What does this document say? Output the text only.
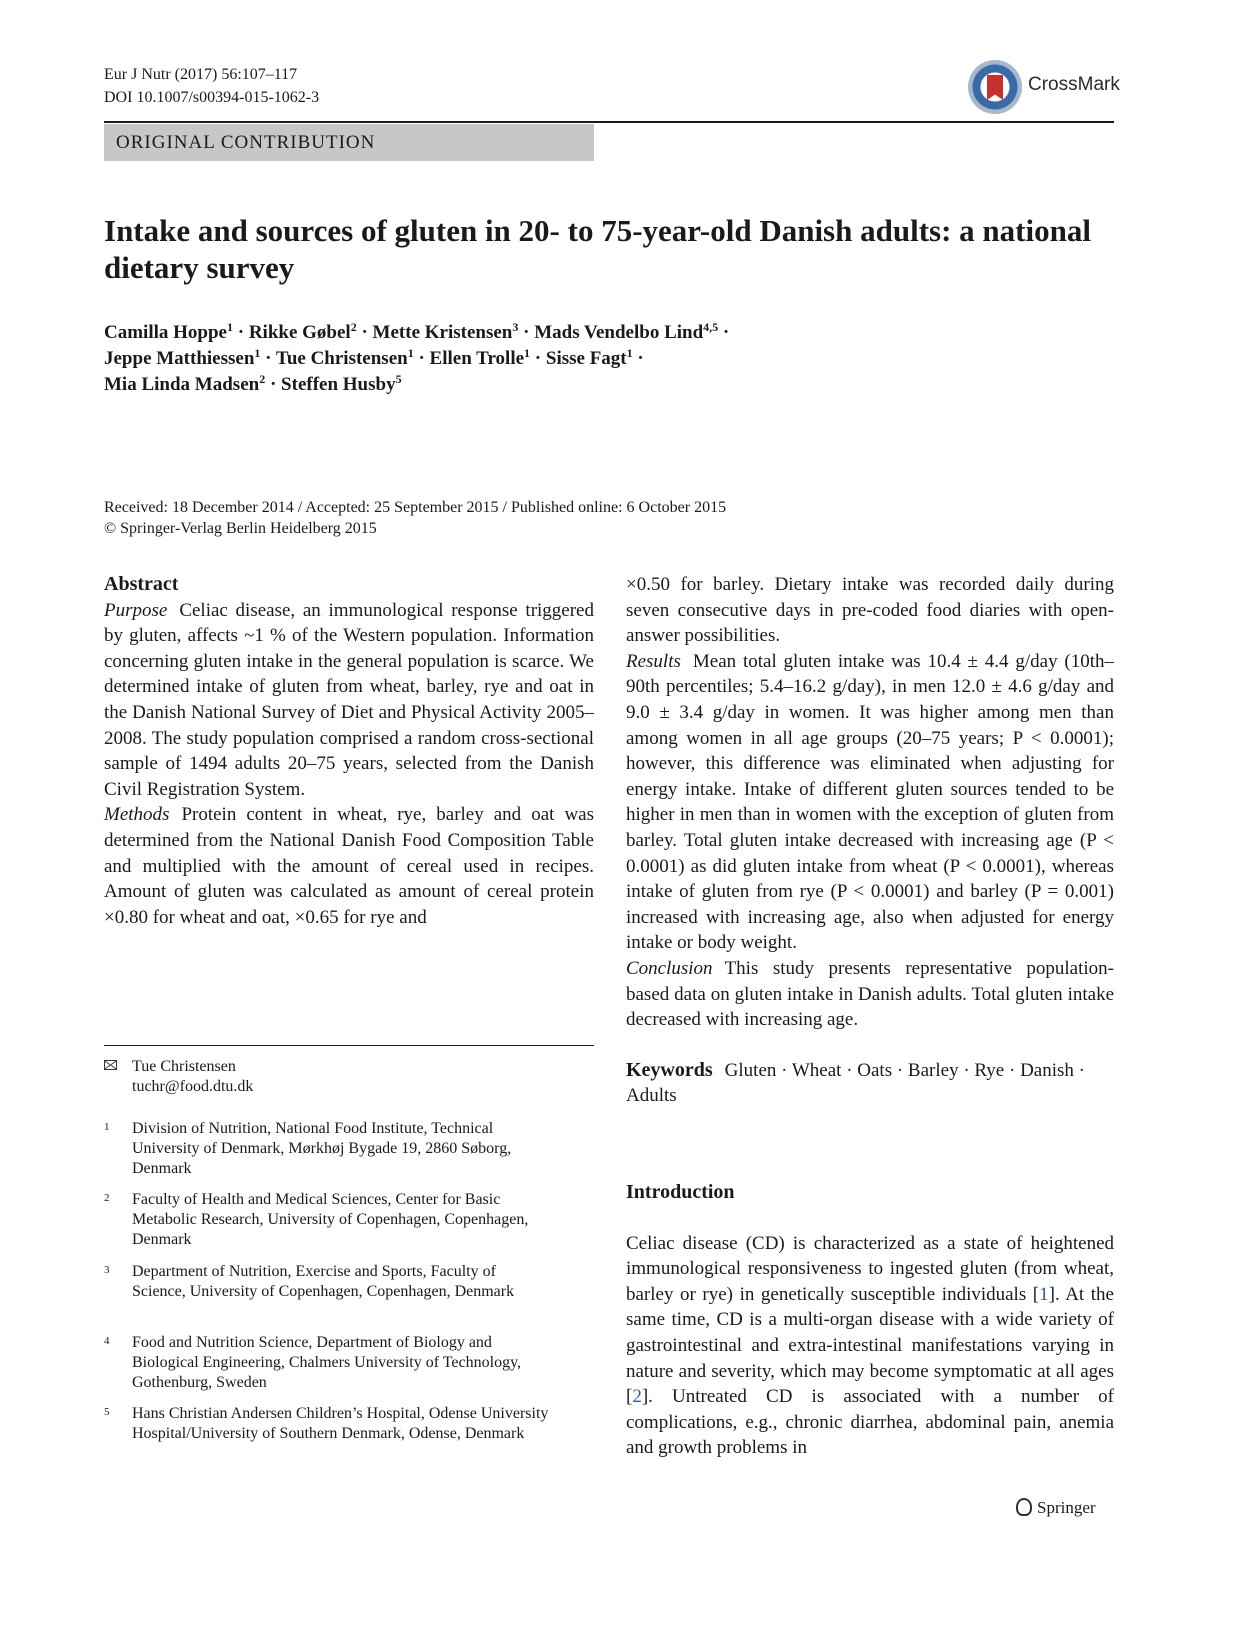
Eur J Nutr (2017) 56:107–117
DOI 10.1007/s00394-015-1062-3
CrossMark
ORIGINAL CONTRIBUTION
Intake and sources of gluten in 20- to 75-year-old Danish adults: a national dietary survey
Camilla Hoppe$^1$ · Rikke Gøbel$^2$ · Mette Kristensen$^3$ · Mads Vendelbo Lind$^{4,5}$ ·
Jeppe Matthiessen$^1$ · Tue Christensen$^1$ · Ellen Trolle$^1$ · Sisse Fagt$^1$ ·
Mia Linda Madsen$^2$ · Steffen Husby$^5$
Received: 18 December 2014 / Accepted: 25 September 2015 / Published online: 6 October 2015
© Springer-Verlag Berlin Heidelberg 2015
Abstract

Purpose Celiac disease, an immunological response triggered by gluten, affects ~1 % of the Western population. Information concerning gluten intake in the general population is scarce. We determined intake of gluten from wheat, barley, rye and oat in the Danish National Survey of Diet and Physical Activity 2005–2008. The study population comprised a random cross-sectional sample of 1494 adults 20–75 years, selected from the Danish Civil Registration System.

Methods Protein content in wheat, rye, barley and oat was determined from the National Danish Food Composition Table and multiplied with the amount of cereal used in recipes. Amount of gluten was calculated as amount of cereal protein ×0.80 for wheat and oat, ×0.65 for rye and

Tue Christensen
tuchr@food.dtu.dk
1 Division of Nutrition, National Food Institute, Technical University of Denmark, Mørkhøj Bygade 19, 2860 Søborg, Denmark
2 Faculty of Health and Medical Sciences, Center for Basic Metabolic Research, University of Copenhagen, Copenhagen, Denmark
3 Department of Nutrition, Exercise and Sports, Faculty of Science, University of Copenhagen, Copenhagen, Denmark
4 Food and Nutrition Science, Department of Biology and Biological Engineering, Chalmers University of Technology, Gothenburg, Sweden
5 Hans Christian Andersen Children’s Hospital, Odense University Hospital/University of Southern Denmark, Odense, Denmark

×0.50 for barley. Dietary intake was recorded daily during seven consecutive days in pre-coded food diaries with open-answer possibilities.

Results Mean total gluten intake was 10.4 ± 4.4 g/day (10th–90th percentiles; 5.4–16.2 g/day), in men 12.0 ± 4.6 g/day and 9.0 ± 3.4 g/day in women. It was higher among men than among women in all age groups (20–75 years; P < 0.0001); however, this difference was eliminated when adjusting for energy intake. Intake of different gluten sources tended to be higher in men than in women with the exception of gluten from barley. Total gluten intake decreased with increasing age (P < 0.0001) as did gluten intake from wheat (P < 0.0001), whereas intake of gluten from rye (P < 0.0001) and barley (P = 0.001) increased with increasing age, also when adjusted for energy intake or body weight.

Conclusion This study presents representative population-based data on gluten intake in Danish adults. Total gluten intake decreased with increasing age.

Keywords Gluten · Wheat · Oats · Barley · Rye · Danish · Adults

Introduction

Celiac disease (CD) is characterized as a state of heightened immunological responsiveness to ingested gluten (from wheat, barley or rye) in genetically susceptible individuals [1]. At the same time, CD is a multi-organ disease with a wide variety of gastrointestinal and extra-intestinal manifestations varying in nature and severity, which may become symptomatic at all ages [2]. Untreated CD is associated with a number of complications, e.g., chronic diarrhea, abdominal pain, anemia and growth problems in

Springer
